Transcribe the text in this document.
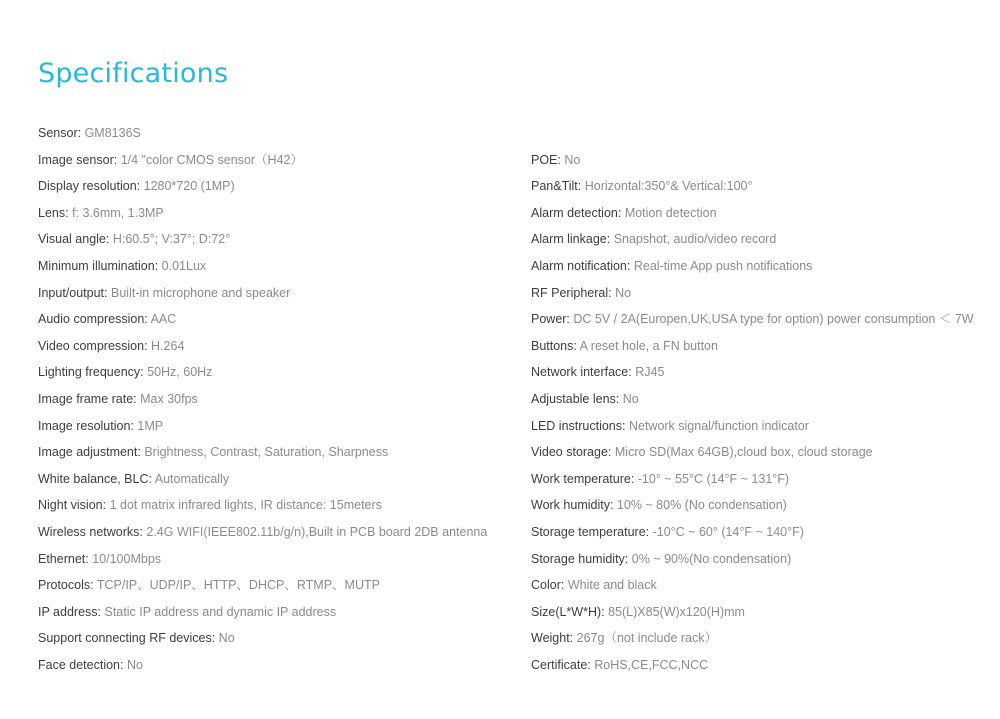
Specifications
Sensor: GM8136S
Image sensor: 1/4 "color CMOS sensor（H42）
Display resolution: 1280*720 (1MP)
Lens: f: 3.6mm, 1.3MP
Visual angle: H:60.5°; V:37°; D:72°
Minimum illumination: 0.01Lux
Input/output: Built-in microphone and speaker
Audio compression: AAC
Video compression: H.264
Lighting frequency: 50Hz, 60Hz
Image frame rate: Max 30fps
Image resolution: 1MP
Image adjustment: Brightness, Contrast, Saturation, Sharpness
White balance, BLC: Automatically
Night vision: 1 dot matrix infrared lights, IR distance: 15meters
Wireless networks: 2.4G WIFI(IEEE802.11b/g/n),Built in PCB board 2DB antenna
Ethernet: 10/100Mbps
Protocols: TCP/IP、UDP/IP、HTTP、DHCP、RTMP、MUTP
IP address: Static IP address and dynamic IP address
Support connecting RF devices: No
Face detection: No
POE: No
Pan&Tilt: Horizontal:350°& Vertical:100°
Alarm detection: Motion detection
Alarm linkage: Snapshot, audio/video record
Alarm notification: Real-time App push notifications
RF Peripheral: No
Power: DC 5V / 2A(Europen,UK,USA type for option) power consumption ＜ 7W
Buttons: A reset hole, a FN button
Network interface: RJ45
Adjustable lens: No
LED instructions: Network signal/function indicator
Video storage: Micro SD(Max 64GB),cloud box, cloud storage
Work temperature: -10° ~ 55°C (14°F ~ 131°F)
Work humidity: 10% ~ 80% (No condensation)
Storage temperature: -10°C ~ 60° (14°F ~ 140°F)
Storage humidity: 0% ~ 90%(No condensation)
Color: White and black
Size(L*W*H): 85(L)X85(W)x120(H)mm
Weight: 267g（not include rack）
Certificate: RoHS,CE,FCC,NCC
